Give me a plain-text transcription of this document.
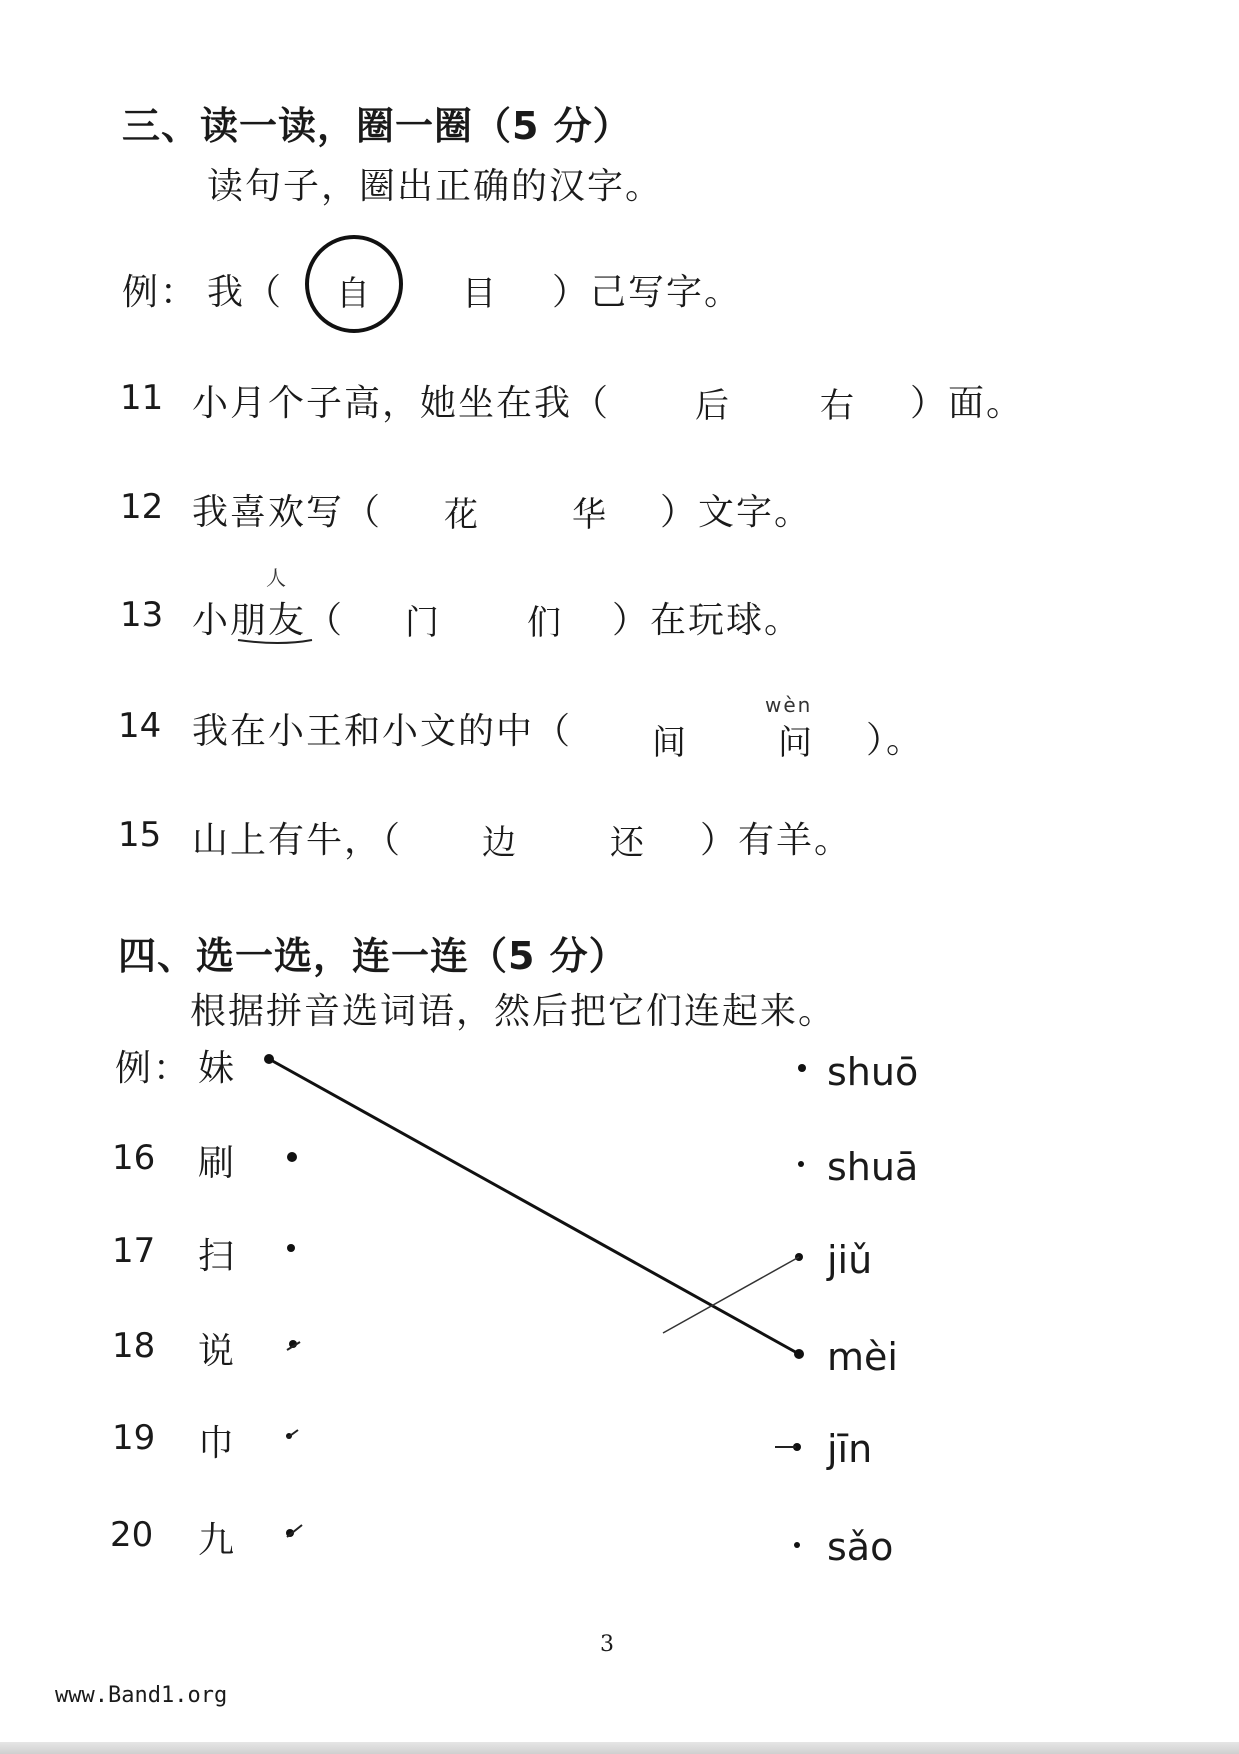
三、读一读，圈一圈（5 分）
读句子，圈出正确的汉字。
例： 我（ 自	目 ）己写字。
11 小月个子高，她坐在我（ 后	右 ）面。
12 我喜欢写（ 花	华 ）文字。
人
13 小朋友（ 门	们 ）在玩球。
wèn
14 我在小王和小文的中（ 间	问 ）。
15 山上有牛，（ 边	还 ）有羊。
四、选一选，连一连（5 分）
根据拼音选词语，然后把它们连起来。
例： 妹
16 刷
17 扫
18 说
19 巾
20 九
shuō
shuā
jiǔ
mèi
jīn
sǎo
3
www.Band1.org
